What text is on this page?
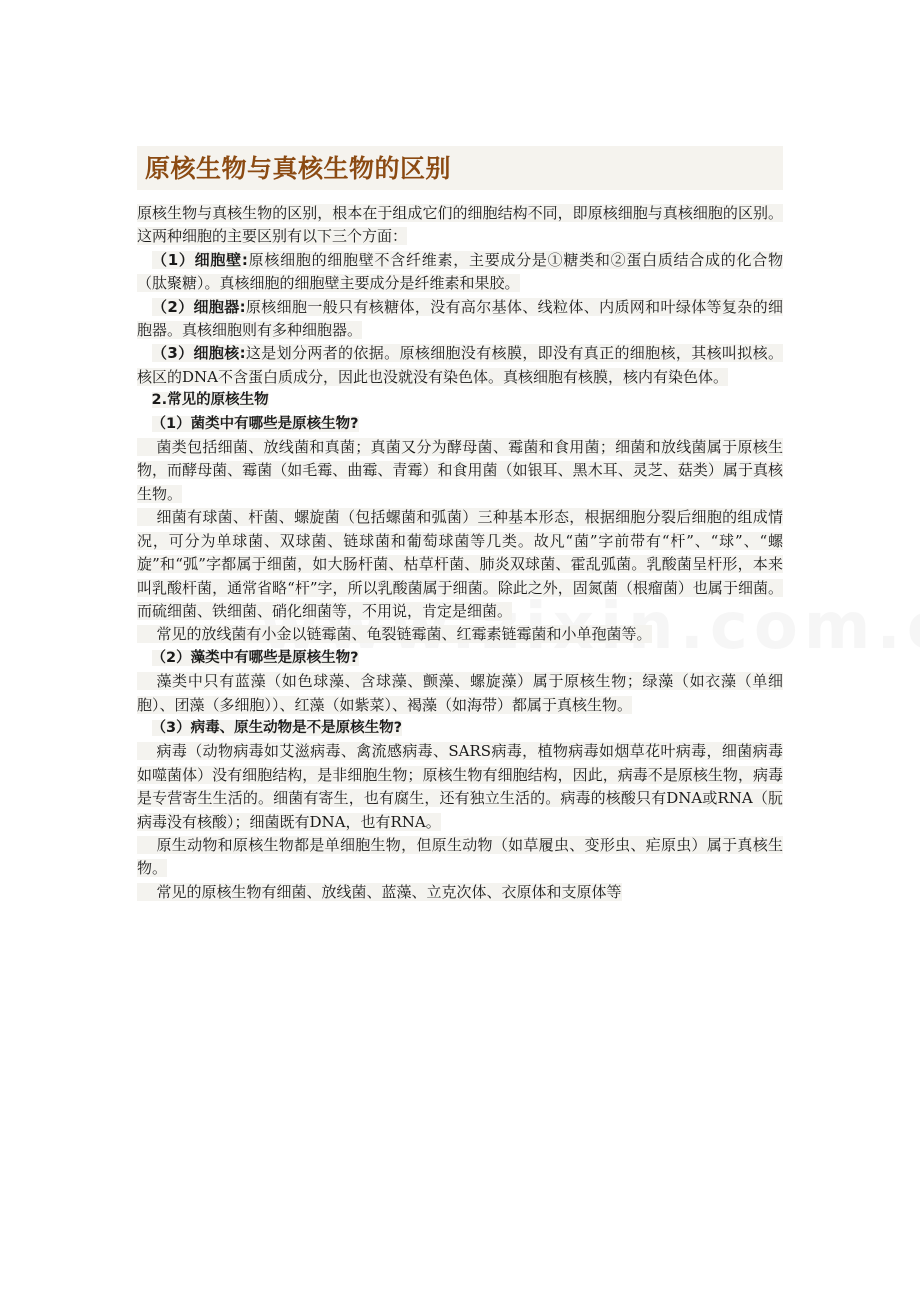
原核生物与真核生物的区别

原核生物与真核生物的区别，根本在于组成它们的细胞结构不同，即原核细胞与真核细胞的区别。这两种细胞的主要区别有以下三个方面：

（1）细胞壁:原核细胞的细胞壁不含纤维素，主要成分是①糖类和②蛋白质结合成的化合物（肽聚糖）。真核细胞的细胞壁主要成分是纤维素和果胶。

（2）细胞器:原核细胞一般只有核糖体，没有高尔基体、线粒体、内质网和叶绿体等复杂的细胞器。真核细胞则有多种细胞器。

（3）细胞核:这是划分两者的依据。原核细胞没有核膜，即没有真正的细胞核，其核叫拟核。核区的DNA不含蛋白质成分，因此也没就没有染色体。真核细胞有核膜，核内有染色体。

2.常见的原核生物

（1）菌类中有哪些是原核生物?

菌类包括细菌、放线菌和真菌；真菌又分为酵母菌、霉菌和食用菌；细菌和放线菌属于原核生物，而酵母菌、霉菌（如毛霉、曲霉、青霉）和食用菌（如银耳、黑木耳、灵芝、菇类）属于真核生物。

细菌有球菌、杆菌、螺旋菌（包括螺菌和弧菌）三种基本形态，根据细胞分裂后细胞的组成情况，可分为单球菌、双球菌、链球菌和葡萄球菌等几类。故凡“菌”字前带有“杆”、“球”、“螺旋”和“弧”字都属于细菌，如大肠杆菌、枯草杆菌、肺炎双球菌、霍乱弧菌。乳酸菌呈杆形，本来叫乳酸杆菌，通常省略“杆”字，所以乳酸菌属于细菌。除此之外，固氮菌（根瘤菌）也属于细菌。而硫细菌、铁细菌、硝化细菌等，不用说，肯定是细菌。

常见的放线菌有小金以链霉菌、龟裂链霉菌、红霉素链霉菌和小单孢菌等。

（2）藻类中有哪些是原核生物?

藻类中只有蓝藻（如色球藻、含球藻、颤藻、螺旋藻）属于原核生物；绿藻（如衣藻（单细胞）、团藻（多细胞））、红藻（如紫菜）、褐藻（如海带）都属于真核生物。

（3）病毒、原生动物是不是原核生物?

病毒（动物病毒如艾滋病毒、禽流感病毒、SARS病毒，植物病毒如烟草花叶病毒，细菌病毒如噬菌体）没有细胞结构，是非细胞生物；原核生物有细胞结构，因此，病毒不是原核生物，病毒是专营寄生生活的。细菌有寄生，也有腐生，还有独立生活的。病毒的核酸只有DNA或RNA（朊病毒没有核酸）；细菌既有DNA，也有RNA。

原生动物和原核生物都是单细胞生物，但原生动物（如草履虫、变形虫、疟原虫）属于真核生物。

常见的原核生物有细菌、放线菌、蓝藻、立克次体、衣原体和支原体等
